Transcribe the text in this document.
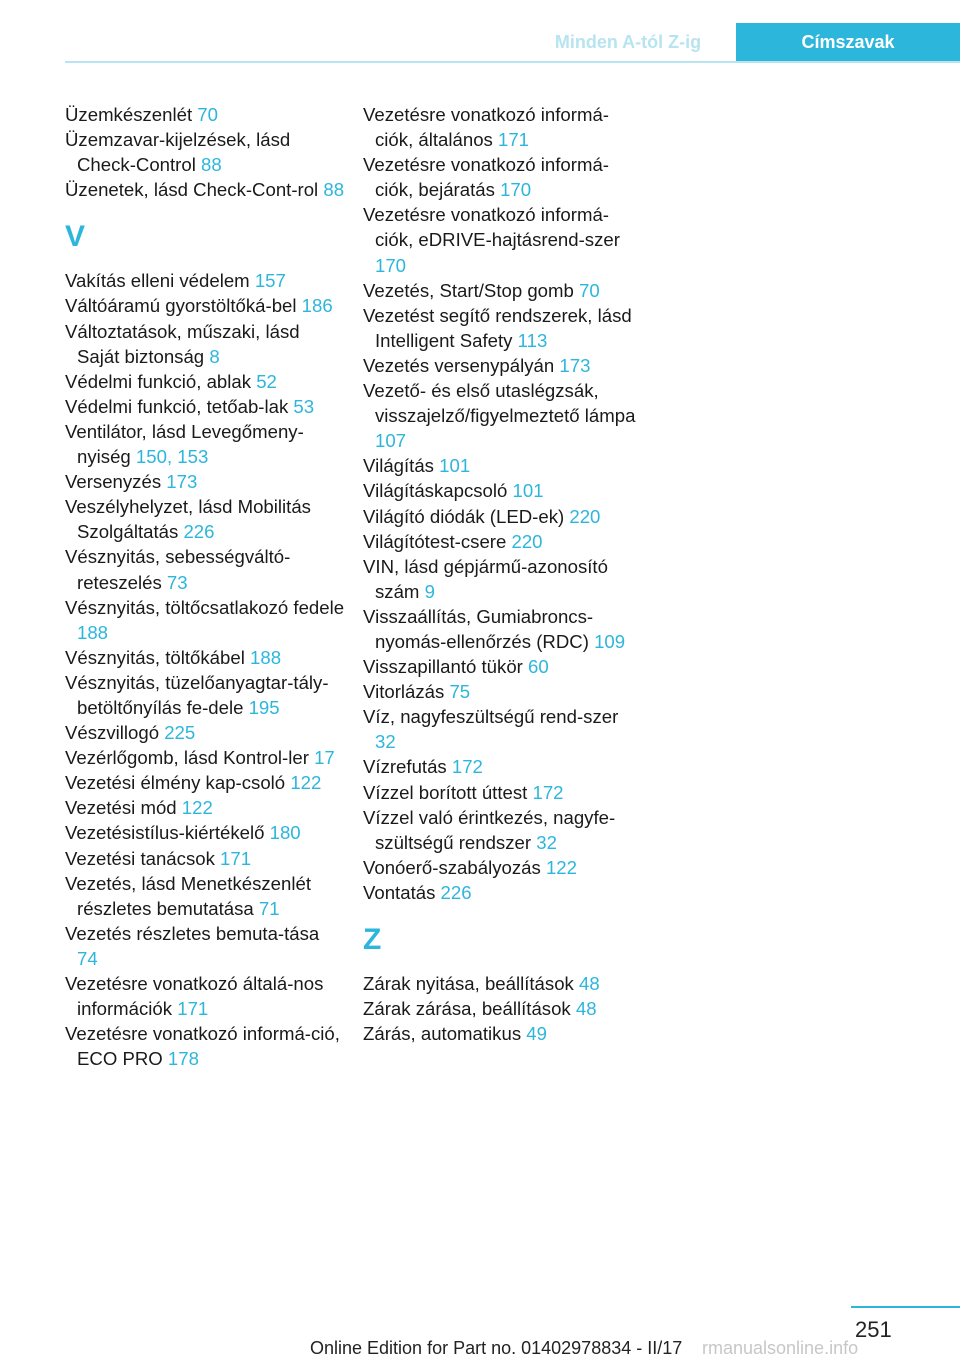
Minden A-tól Z-ig	Címszavak
Üzemkészenlét 70
Üzemzavar-kijelzések, lásd Check-Control 88
Üzenetek, lásd Check-Cont‐rol 88
V
Vakítás elleni védelem 157
Váltóáramú gyorstöltőká‐bel 186
Változtatások, műszaki, lásd Saját biztonság 8
Védelmi funkció, ablak 52
Védelmi funkció, tetőab‐lak 53
Ventilátor, lásd Levegőmeny‐nyiség 150, 153
Versenyzés 173
Veszélyhelyzet, lásd Mobilitás Szolgáltatás 226
Vésznyitás, sebességváltó‐reteszelés 73
Vésznyitás, töltőcsatlakozó fedele 188
Vésznyitás, töltőkábel 188
Vésznyitás, tüzelőanyagtar‐tály-betöltőnyílás fe‐dele 195
Vészvillogó 225
Vezérlőgomb, lásd Kontrol‐ler 17
Vezetési élmény kap‐csoló 122
Vezetési mód 122
Vezetésistílus-kiértékelő 180
Vezetési tanácsok 171
Vezetés, lásd Menetkészenlét részletes bemutatása 71
Vezetés részletes bemuta‐tása 74
Vezetésre vonatkozó általá‐nos információk 171
Vezetésre vonatkozó informá‐ció, ECO PRO 178
Vezetésre vonatkozó informá‐ciók, általános 171
Vezetésre vonatkozó informá‐ciók, bejáratás 170
Vezetésre vonatkozó informá‐ciók, eDRIVE-hajtásrend‐szer 170
Vezetés, Start/Stop gomb 70
Vezetést segítő rendszerek, lásd Intelligent Safety 113
Vezetés versenypályán 173
Vezető- és első utaslégzsák, visszajelző/figyelmeztető lámpa 107
Világítás 101
Világításkapcsoló 101
Világító diódák (LED-ek) 220
Világítótest-csere 220
VIN, lásd gépjármű-azonosító szám 9
Visszaállítás, Gumiabroncs‐nyomás-ellenőrzés (RDC) 109
Visszapillantó tükör 60
Vitorlázás 75
Víz, nagyfeszültségű rend‐szer 32
Vízrefutás 172
Vízzel borított úttest 172
Vízzel való érintkezés, nagyfe‐szültségű rendszer 32
Vonóerő-szabályozás 122
Vontatás 226
Z
Zárak nyitása, beállítások 48
Zárak zárása, beállítások 48
Zárás, automatikus 49
251
Online Edition for Part no. 01402978834 - II/17 rmanualsonline.info
